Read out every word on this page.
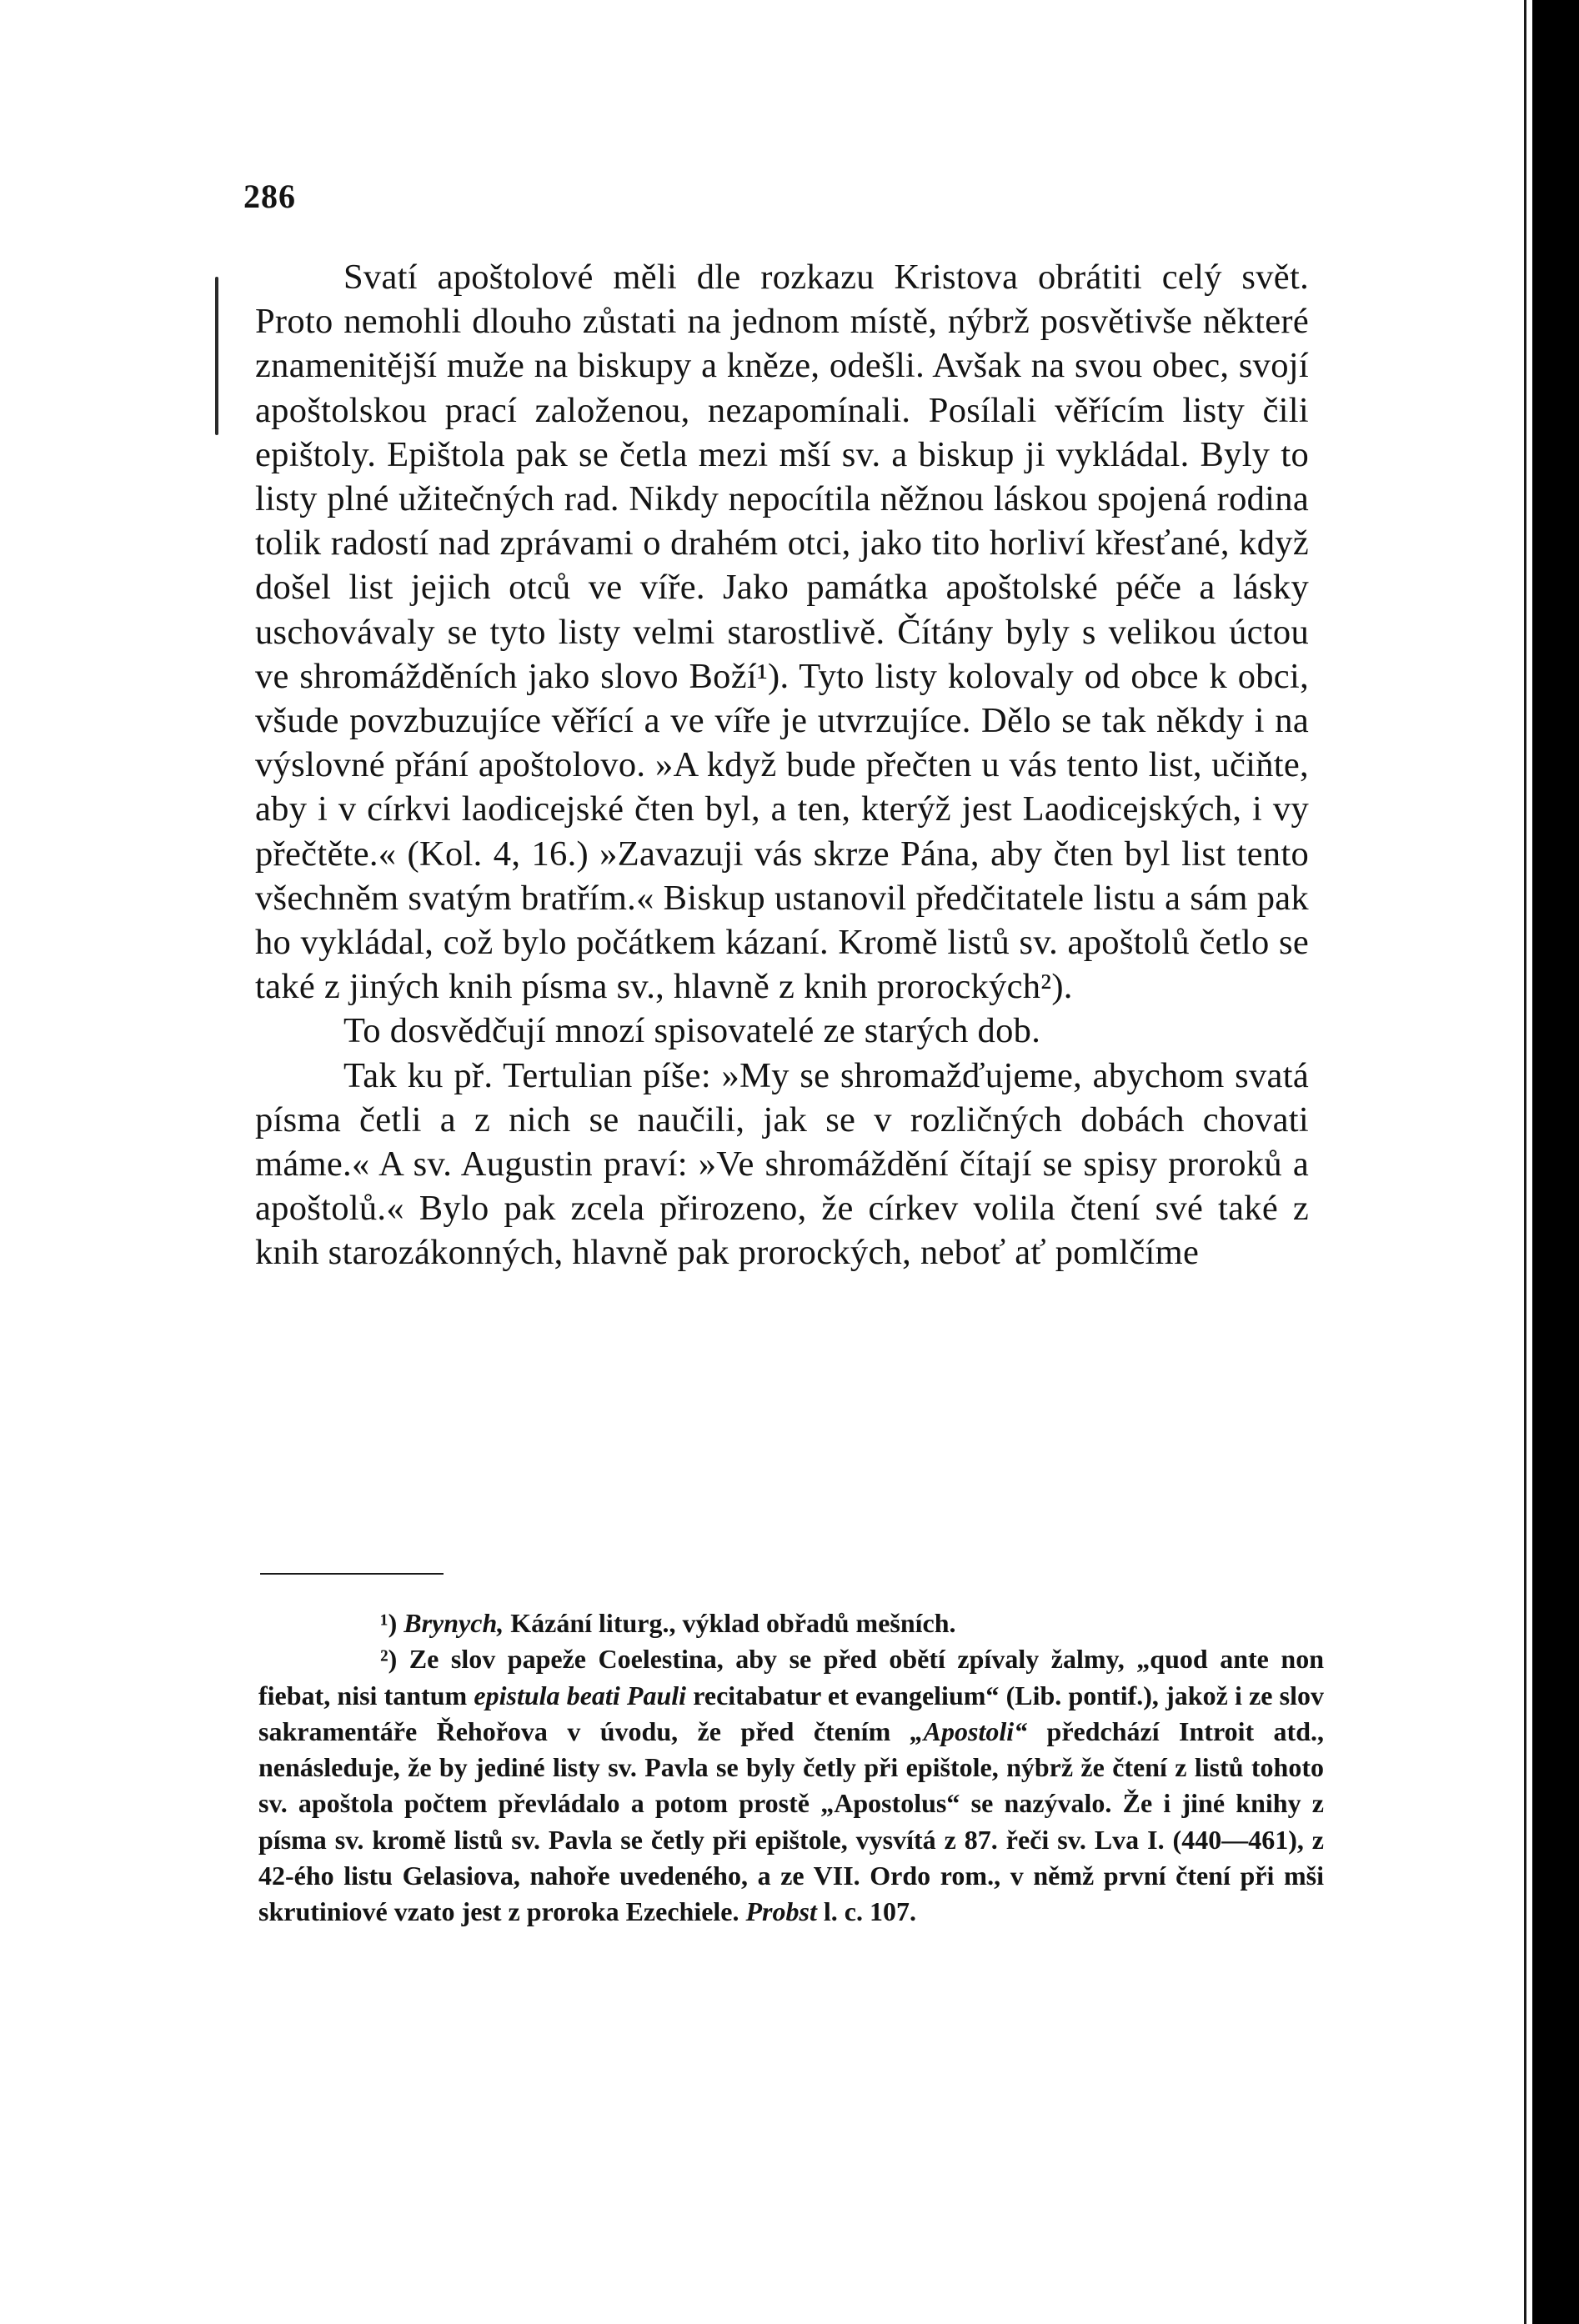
286

Svatí apoštolové měli dle rozkazu Kristova obrátiti celý svět. Proto nemohli dlouho zůstati na jednom místě, nýbrž posvětivše některé znamenitější muže na biskupy a kněze, odešli. Avšak na svou obec, svojí apoštolskou prací založenou, nezapomínali. Posílali věřícím listy čili epištoly. Epištola pak se četla mezi mší sv. a biskup ji vykládal. Byly to listy plné užitečných rad. Nikdy nepocítila něžnou láskou spojená rodina tolik radostí nad zprávami o drahém otci, jako tito horliví křesťané, když došel list jejich otců ve víře. Jako památka apoštolské péče a lásky uschovávaly se tyto listy velmi starostlivě. Čítány byly s velikou úctou ve shromážděních jako slovo Boží¹). Tyto listy kolovaly od obce k obci, všude povzbuzujíce věřící a ve víře je utvrzujíce. Dělo se tak někdy i na výslovné přání apoštolovo. »A když bude přečten u vás tento list, učiňte, aby i v církvi laodicejské čten byl, a ten, kterýž jest Laodicejských, i vy přečtěte.« (Kol. 4, 16.) »Zavazuji vás skrze Pána, aby čten byl list tento všechněm svatým bratřím.« Biskup ustanovil předčitatele listu a sám pak ho vykládal, což bylo počátkem kázaní. Kromě listů sv. apoštolů četlo se také z jiných knih písma sv., hlavně z knih prorockých²).

To dosvědčují mnozí spisovatelé ze starých dob.

Tak ku př. Tertulian píše: »My se shromažďujeme, abychom svatá písma četli a z nich se naučili, jak se v rozličných dobách chovati máme.« A sv. Augustin praví: »Ve shromáždění čítají se spisy proroků a apoštolů.« Bylo pak zcela přirozeno, že církev volila čtení své také z knih starozákonných, hlavně pak prorockých, neboť ať pomlčíme

¹) Brynych, Kázání liturg., výklad obřadů mešních.

²) Ze slov papeže Coelestina, aby se před obětí zpívaly žalmy, „quod ante non fiebat, nisi tantum epistula beati Pauli recitabatur et evangelium“ (Lib. pontif.), jakož i ze slov sakramentáře Řehořova v úvodu, že před čtením „Apostoli“ předchází Introit atd., nenásleduje, že by jediné listy sv. Pavla se byly četly při epištole, nýbrž že čtení z listů tohoto sv. apoštola počtem převládalo a potom prostě „Apostolus“ se nazývalo. Že i jiné knihy z písma sv. kromě listů sv. Pavla se četly při epištole, vysvítá z 87. řeči sv. Lva I. (440—461), z 42-ého listu Gelasiova, nahoře uvedeného, a ze VII. Ordo rom., v němž první čtení při mši skrutiniové vzato jest z proroka Ezechiele. Probst l. c. 107.
